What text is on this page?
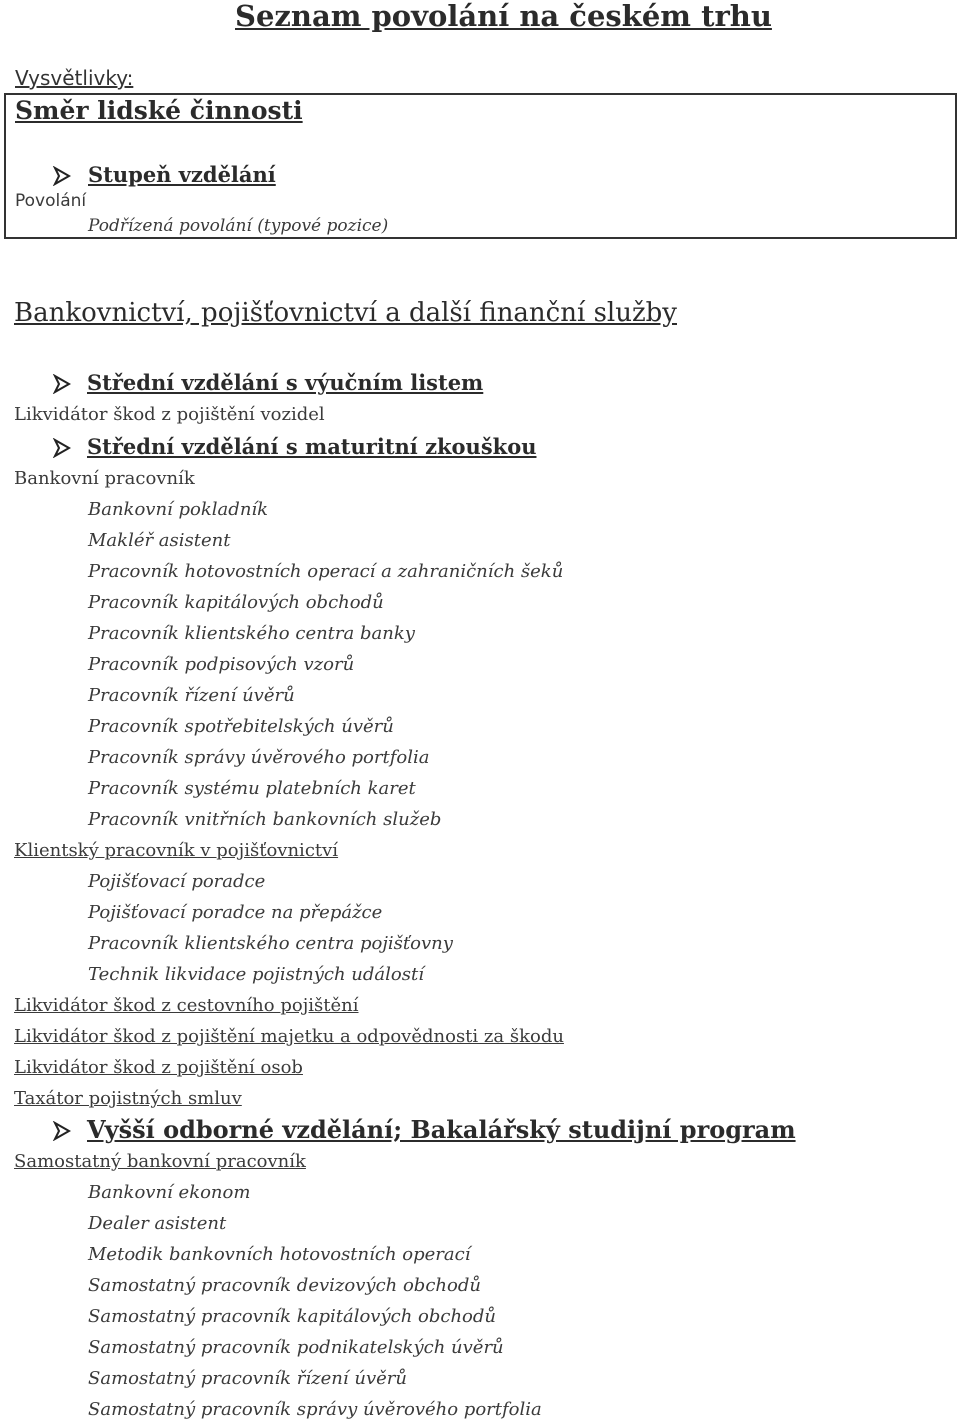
Seznam povolání na českém trhu
Vysvětlivky:
Směr lidské činnosti
Stupeň vzdělání
Povolání
Podřízená povolání (typové pozice)
Bankovnictví, pojišťovnictví a další finanční služby
Střední vzdělání s výučním listem
Likvidátor škod z pojištění vozidel
Střední vzdělání s maturitní zkouškou
Bankovní pracovník
Bankovní pokladník
Makléř asistent
Pracovník hotovostních operací a zahraničních šeků
Pracovník kapitálových obchodů
Pracovník klientského centra banky
Pracovník podpisových vzorů
Pracovník řízení úvěrů
Pracovník spotřebitelských úvěrů
Pracovník správy úvěrového portfolia
Pracovník systému platebních karet
Pracovník vnitřních bankovních služeb
Klientský pracovník v pojišťovnictví
Pojišťovací poradce
Pojišťovací poradce na přepážce
Pracovník klientského centra pojišťovny
Technik likvidace pojistných událostí
Likvidátor škod z cestovního pojištění
Likvidátor škod z pojištění majetku a odpovědnosti za škodu
Likvidátor škod z pojištění osob
Taxátor pojistných smluv
Vyšší odborné vzdělání; Bakalářský studijní program
Samostatný bankovní pracovník
Bankovní ekonom
Dealer asistent
Metodik bankovních hotovostních operací
Samostatný pracovník devizových obchodů
Samostatný pracovník kapitálových obchodů
Samostatný pracovník podnikatelských úvěrů
Samostatný pracovník řízení úvěrů
Samostatný pracovník správy úvěrového portfolia
